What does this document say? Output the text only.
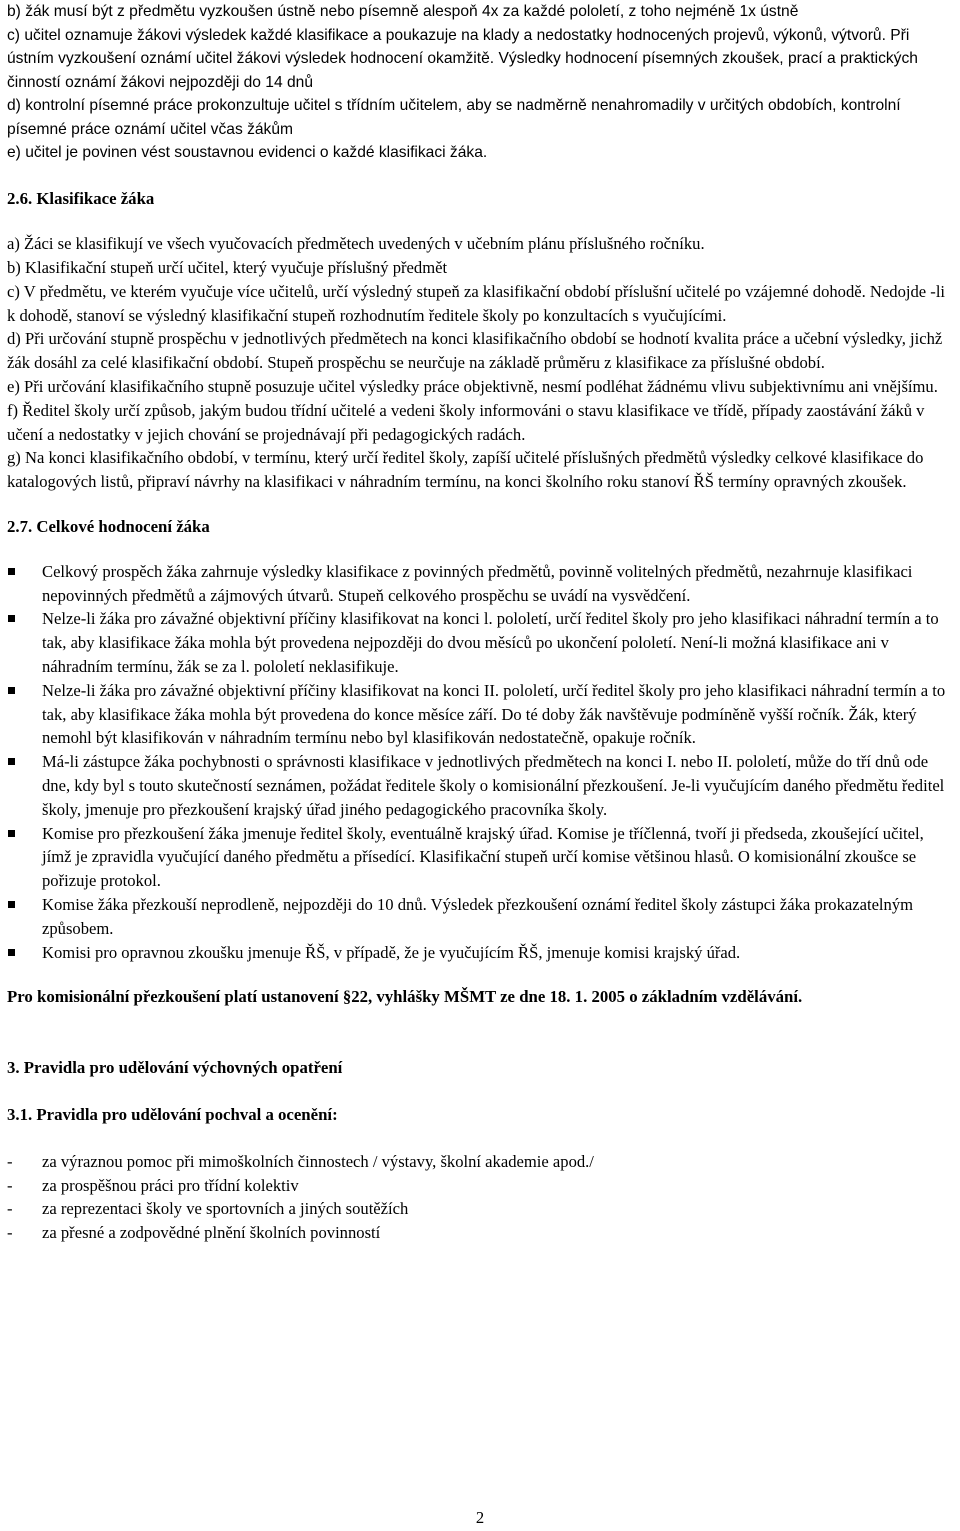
b) žák musí být z předmětu vyzkoušen ústně nebo písemně alespoň 4x za každé pololetí, z toho nejméně 1x ústně

c) učitel oznamuje žákovi výsledek každé klasifikace a poukazuje na klady a nedostatky hodnocených projevů, výkonů, výtvorů. Při ústním vyzkoušení oznámí učitel žákovi výsledek hodnocení okamžitě. Výsledky hodnocení písemných zkoušek, prací a praktických činností oznámí žákovi nejpozději do 14 dnů

d) kontrolní písemné práce prokonzultuje učitel s třídním učitelem, aby se nadměrně nenahromadily v určitých obdobích, kontrolní písemné práce oznámí učitel včas žákům

e) učitel je povinen vést soustavnou evidenci o každé klasifikaci žáka.

2.6. Klasifikace žáka

a) Žáci se klasifikují ve všech vyučovacích předmětech uvedených v učebním plánu příslušného ročníku.

b) Klasifikační stupeň určí učitel, který vyučuje příslušný předmět

c) V předmětu, ve kterém vyučuje více učitelů, určí výsledný stupeň za klasifikační období příslušní učitelé po vzájemné dohodě. Nedojde -li k dohodě, stanoví se výsledný klasifikační stupeň rozhodnutím ředitele školy po konzultacích s vyučujícími.

d) Při určování stupně prospěchu v jednotlivých předmětech na konci klasifikačního období se hodnotí kvalita práce a učební výsledky, jichž žák dosáhl za celé klasifikační období. Stupeň prospěchu se neurčuje na základě průměru z klasifikace za příslušné období.

e) Při určování klasifikačního stupně posuzuje učitel výsledky práce objektivně, nesmí podléhat žádnému vlivu subjektivnímu ani vnějšímu.

f) Ředitel školy určí způsob, jakým budou třídní učitelé a vedeni školy informováni o stavu klasifikace ve třídě, případy zaostávání žáků v učení a nedostatky v jejich chování se projednávají při pedagogických radách.

g) Na konci klasifikačního období, v termínu, který určí ředitel školy, zapíší učitelé příslušných předmětů výsledky celkové klasifikace do katalogových listů, připraví návrhy na klasifikaci v náhradním termínu, na konci školního roku stanoví ŘŠ termíny opravných zkoušek.

2.7. Celkové hodnocení žáka

Celkový prospěch žáka zahrnuje výsledky klasifikace z povinných předmětů, povinně volitelných předmětů, nezahrnuje klasifikaci nepovinných předmětů a zájmových útvarů. Stupeň celkového prospěchu se uvádí na vysvědčení.
Nelze-li žáka pro závažné objektivní příčiny klasifikovat na konci l. pololetí, určí ředitel školy pro jeho klasifikaci náhradní termín a to tak, aby klasifikace žáka mohla být provedena nejpozději do dvou měsíců po ukončení pololetí. Není-li možná klasifikace ani v náhradním termínu, žák se za l. pololetí neklasifikuje.
Nelze-li žáka pro závažné objektivní příčiny klasifikovat na konci II. pololetí, určí ředitel školy pro jeho klasifikaci náhradní termín a to tak, aby klasifikace žáka mohla být provedena do konce měsíce září. Do té doby žák navštěvuje podmíněně vyšší ročník. Žák, který nemohl být klasifikován v náhradním termínu nebo byl klasifikován nedostatečně, opakuje ročník.
Má-li zástupce žáka pochybnosti o správnosti klasifikace v jednotlivých předmětech na konci I. nebo II. pololetí, může do tří dnů ode dne, kdy byl s touto skutečností seznámen, požádat ředitele školy o komisionální přezkoušení. Je-li vyučujícím daného předmětu ředitel školy, jmenuje pro přezkoušení krajský úřad jiného pedagogického pracovníka školy.
Komise pro přezkoušení žáka jmenuje ředitel školy, eventuálně krajský úřad. Komise je tříčlenná, tvoří ji předseda, zkoušející učitel, jímž je zpravidla vyučující daného předmětu a přísedící. Klasifikační stupeň určí komise většinou hlasů. O komisionální zkoušce se pořizuje protokol.
Komise žáka přezkouší neprodleně, nejpozději do 10 dnů. Výsledek přezkoušení oznámí ředitel školy zástupci žáka prokazatelným způsobem.
Komisi pro opravnou zkoušku jmenuje ŘŠ, v případě, že je vyučujícím ŘŠ, jmenuje komisi krajský úřad.

Pro komisionální přezkoušení platí ustanovení §22, vyhlášky MŠMT ze dne 18. 1. 2005 o základním vzdělávání.

3. Pravidla pro udělování výchovných opatření

3.1. Pravidla pro udělování pochval a ocenění:

- za výraznou pomoc při mimoškolních činnostech / výstavy, školní akademie apod./
- za prospěšnou práci pro třídní kolektiv
- za reprezentaci školy ve sportovních a jiných soutěžích
- za přesné a zodpovědné plnění školních povinností
2
